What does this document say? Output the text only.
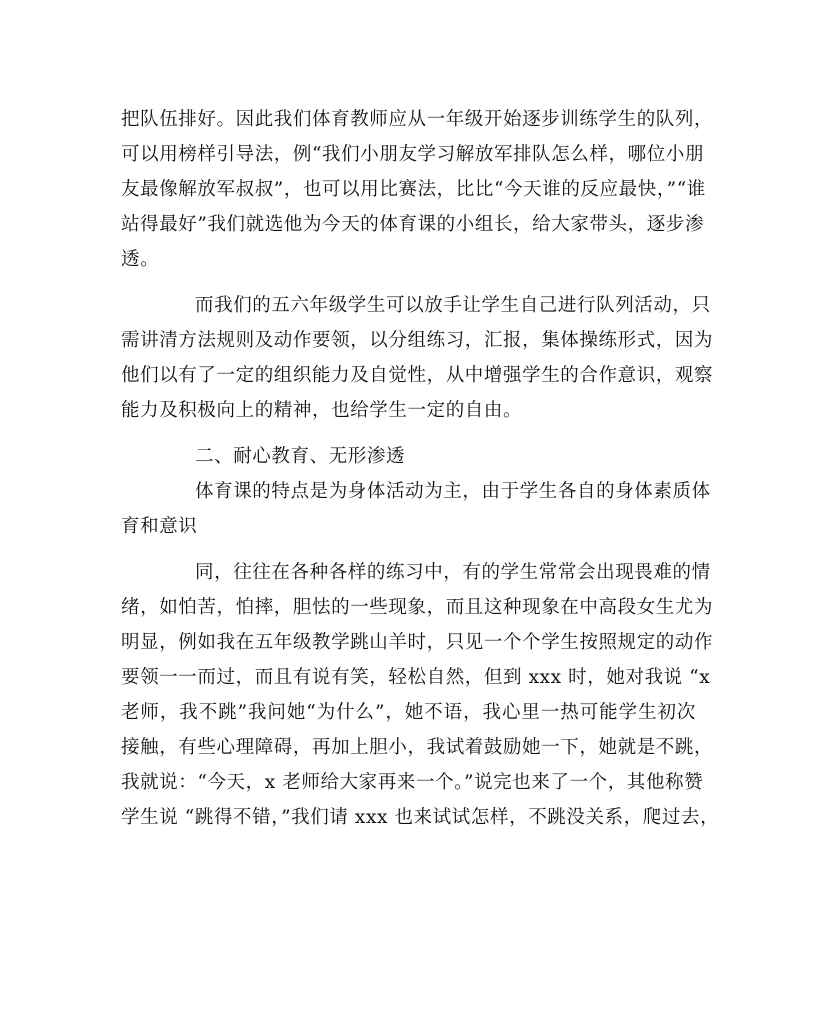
把队伍排好。因此我们体育教师应从一年级开始逐步训练学生的队列，
可以用榜样引导法，例“我们小朋友学习解放军排队怎么样，哪位小朋
友最像解放军叔叔”，也可以用比赛法，比比“今天谁的反应最快，”“谁
站得最好”我们就选他为今天的体育课的小组长，给大家带头，逐步渗
透。

而我们的五六年级学生可以放手让学生自己进行队列活动，只
需讲清方法规则及动作要领，以分组练习，汇报，集体操练形式，因为
他们以有了一定的组织能力及自觉性，从中增强学生的合作意识，观察
能力及积极向上的精神，也给学生一定的自由。

二、耐心教育、无形渗透

体育课的特点是为身体活动为主，由于学生各自的身体素质体
育和意识

同，往往在各种各样的练习中，有的学生常常会出现畏难的情
绪，如怕苦，怕摔，胆怯的一些现象，而且这种现象在中高段女生尤为
明显，例如我在五年级教学跳山羊时，只见一个个学生按照规定的动作
要领一一而过，而且有说有笑，轻松自然，但到 xxx 时，她对我说 “x
老师，我不跳”我问她“为什么”，她不语，我心里一热可能学生初次
接触，有些心理障碍，再加上胆小，我试着鼓励她一下，她就是不跳，
我就说：“今天，x 老师给大家再来一个。”说完也来了一个，其他称赞
学生说 “跳得不错，”我们请 xxx 也来试试怎样，不跳没关系，爬过去，
